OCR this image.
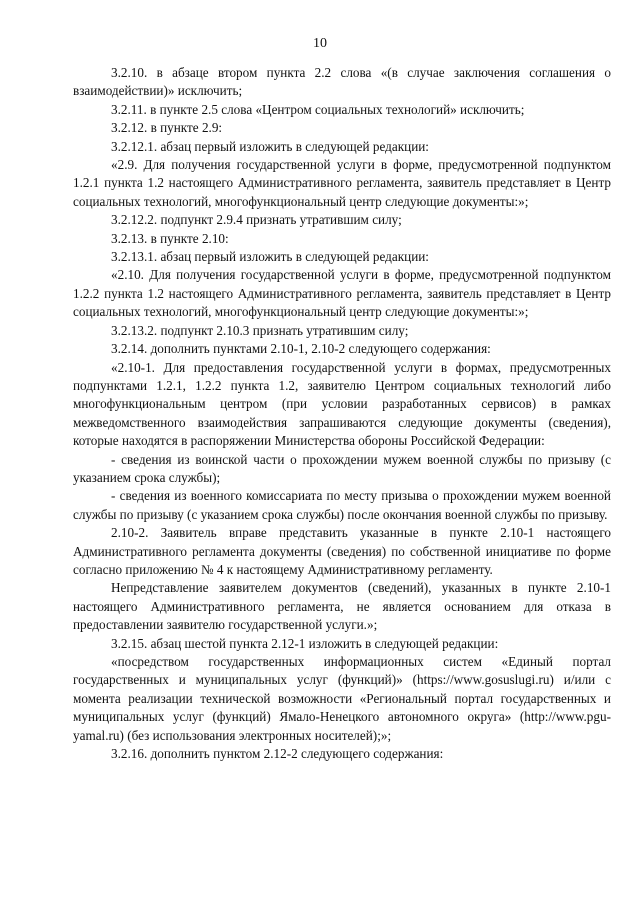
10

3.2.10. в абзаце втором пункта 2.2 слова «(в случае заключения соглашения о взаимодействии)» исключить;

3.2.11. в пункте 2.5 слова «Центром социальных технологий» исключить;

3.2.12. в пункте 2.9:

3.2.12.1. абзац первый изложить в следующей редакции:

«2.9. Для получения государственной услуги в форме, предусмотренной подпунктом 1.2.1 пункта 1.2 настоящего Административного регламента, заявитель представляет в Центр социальных технологий, многофункциональный центр следующие документы:»;

3.2.12.2. подпункт 2.9.4 признать утратившим силу;

3.2.13. в пункте 2.10:

3.2.13.1. абзац первый изложить в следующей редакции:

«2.10. Для получения государственной услуги в форме, предусмотренной подпунктом 1.2.2 пункта 1.2 настоящего Административного регламента, заявитель представляет в Центр социальных технологий, многофункциональный центр следующие документы:»;

3.2.13.2. подпункт 2.10.3 признать утратившим силу;

3.2.14. дополнить пунктами 2.10-1, 2.10-2 следующего содержания:

«2.10-1. Для предоставления государственной услуги в формах, предусмотренных подпунктами 1.2.1, 1.2.2 пункта 1.2, заявителю Центром социальных технологий либо многофункциональным центром (при условии разработанных сервисов) в рамках межведомственного взаимодействия запрашиваются следующие документы (сведения), которые находятся в распоряжении Министерства обороны Российской Федерации:

- сведения из воинской части о прохождении мужем военной службы по призыву (с указанием срока службы);

- сведения из военного комиссариата по месту призыва о прохождении мужем военной службы по призыву (с указанием срока службы) после окончания военной службы по призыву.

2.10-2. Заявитель вправе представить указанные в пункте 2.10-1 настоящего Административного регламента документы (сведения) по собственной инициативе по форме согласно приложению № 4 к настоящему Административному регламенту.

Непредставление заявителем документов (сведений), указанных в пункте 2.10-1 настоящего Административного регламента, не является основанием для отказа в предоставлении заявителю государственной услуги.»;

3.2.15. абзац шестой пункта 2.12-1 изложить в следующей редакции:

«посредством государственных информационных систем «Единый портал государственных и муниципальных услуг (функций)» (https://www.gosuslugi.ru) и/или с момента реализации технической возможности «Региональный портал государственных и муниципальных услуг (функций) Ямало-Ненецкого автономного округа» (http://www.pgu-yamal.ru) (без использования электронных носителей);»;

3.2.16. дополнить пунктом 2.12-2 следующего содержания:
